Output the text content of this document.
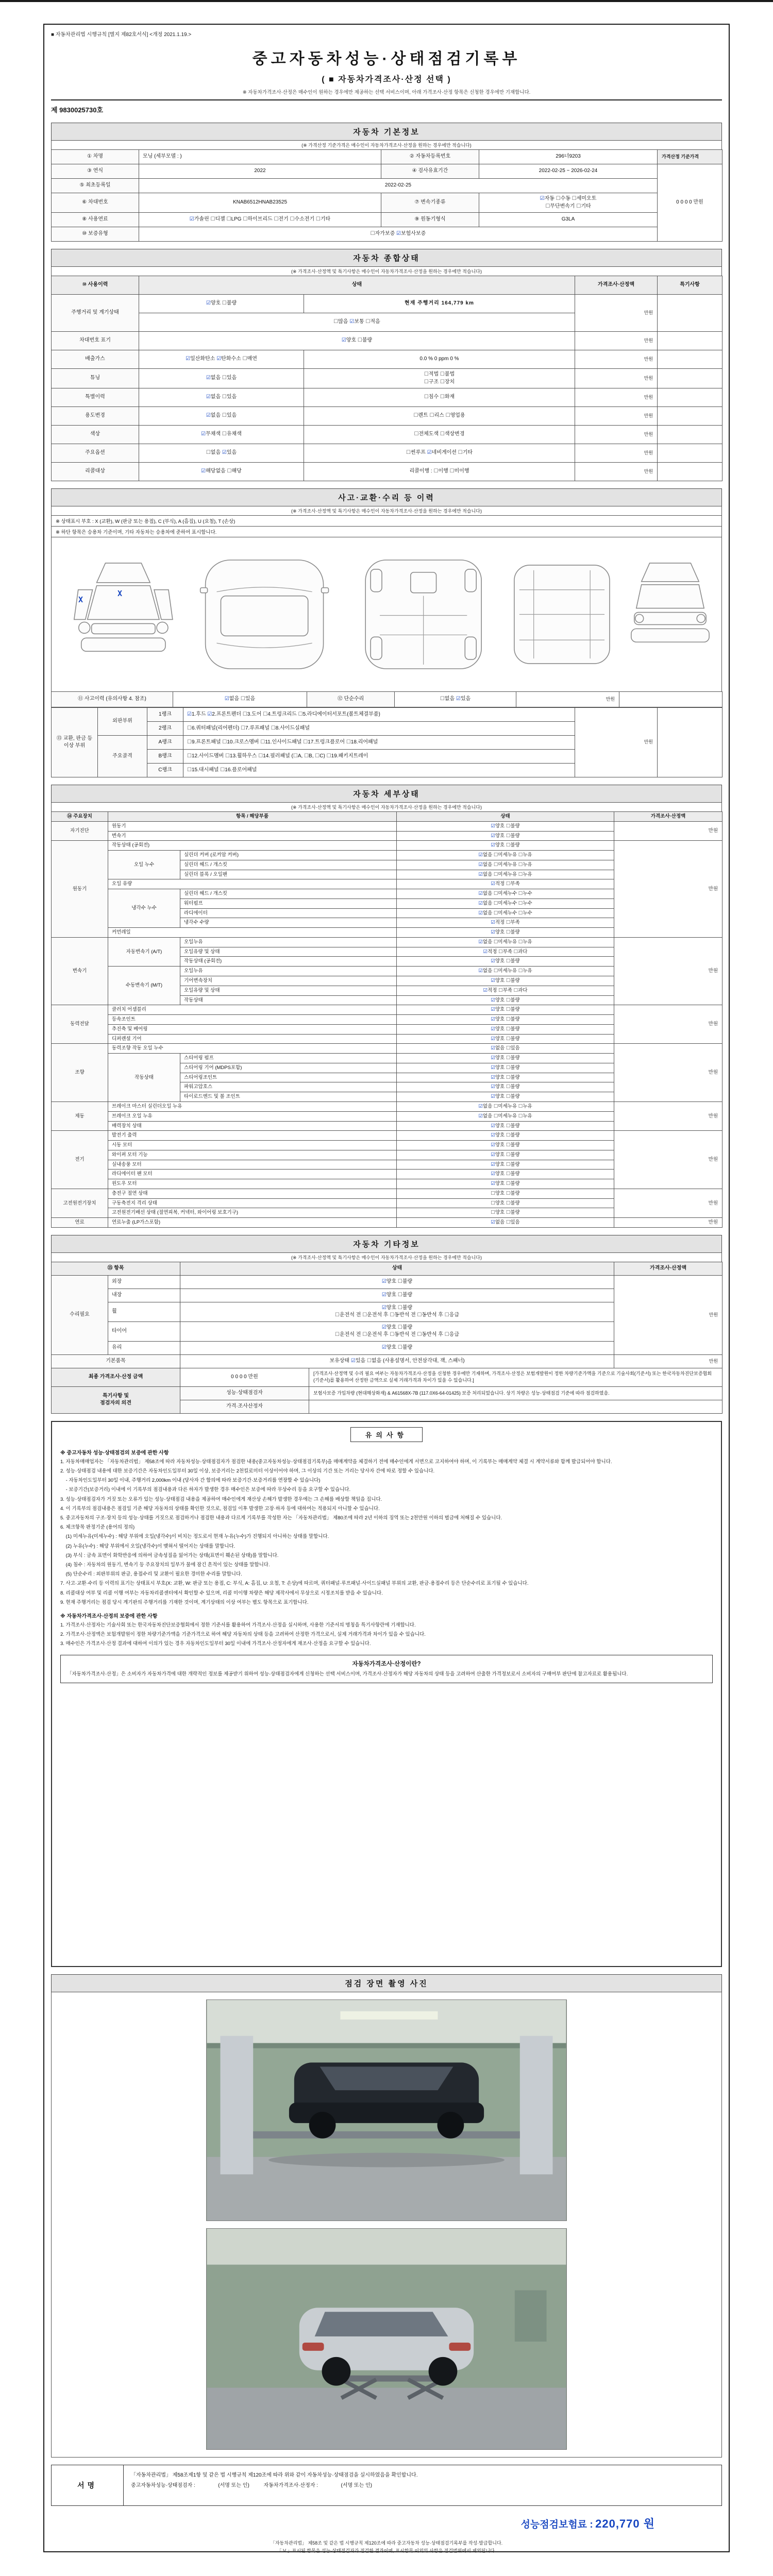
■ 자동차관리법 시행규칙 [별지 제82호서식] <개정 2021.1.19.>
중고자동차성능·상태점검기록부
( ■ 자동차가격조사·산정 선택 )
※ 자동차가격조사·산정은 매수인이 원하는 경우에만 제공하는 선택 서비스이며, 아래 가격조사·산정 항목은 신청한 경우에만 기재합니다.
제 9830025730호
자동차 기본정보
(※ 가격산정 기준가격은 매수인이 자동차가격조사·산정을 원하는 경우에만 적습니다)
① 차명	모닝 (세부모델 : )	② 자동차등록번호	296너9203	가격산정 기준가격
③ 연식	2022	④ 검사유효기간	2022-02-25 ~ 2026-02-24	0 0 0 0 만원
⑤ 최초등록일	2022-02-25			
⑥ 차대번호	KNAB6512HNAB23525	⑦ 변속기종류	☑자동 ☐수동 ☐세미오토
☐무단변속기 ☐기타	
⑧ 사용연료	☑가솔린 ☐디젤 ☐LPG ☐하이브리드 ☐전기 ☐수소전기 ☐기타	⑨ 원동기형식	G3LA	
⑩ 보증유형	☐자가보증 ☑보험사보증			
자동차 종합상태
(※ 가격조사·산정액 및 특기사항은 매수인이 자동차가격조사·산정을 원하는 경우에만 적습니다)
⑩ 사용이력	상태		가격조사·산정액	특기사항
주행거리 및 계기상태	☑양호 ☐불량	현재 주행거리 164,779 km	만원	
	☐많음 ☑보통 ☐적음			
차대번호 표기	☑양호 ☐불량		만원	
배출가스	☑일산화탄소 ☑탄화수소 ☐매연	0.0 % 0 ppm 0 %	만원	
튜닝	☑없음 ☐있음	☐적법 ☐불법
☐구조 ☐장치	만원	
특별이력	☑없음 ☐있음	☐침수 ☐화재	만원	
용도변경	☑없음 ☐있음	☐렌트 ☐리스 ☐영업용	만원	
색상	☑무채색 ☐유채색	☐전체도색 ☐색상변경	만원	
주요옵션	☐없음 ☑있음	☐썬루프 ☑네비게이션 ☐기타	만원	
리콜대상	☑해당없음 ☐해당	리콜이행 : ☐이행 ☐미이행	만원	
사고·교환·수리 등 이력
(※ 가격조사·산정액 및 특기사항은 매수인이 자동차가격조사·산정을 원하는 경우에만 적습니다)
※ 상태표시 부호 : X (교환), W (판금 또는 용접), C (부식), A (흠집), U (요철), T (손상)
※ 하단 항목은 승용차 기준이며, 기타 자동차는 승용차에 준하여 표시합니다.
X
X
⑪ 사고이력 (유의사항 4. 참조)	☑없음 ☐있음	⑫ 단순수리	☐없음 ☑있음	만원	
⑬ 교환, 판금 등 이상 부위	외판부위	1랭크	☑1.후드 ☑2.프론트펜더 ☐3.도어 ☐4.트렁크리드 ☐5.라디에이터서포트(볼트체결부품)	만원	
		2랭크	☐6.쿼터패널(리어펜더) ☐7.루프패널 ☐8.사이드실패널		
	주요골격	A랭크	☐9.프론트패널 ☐10.크로스멤버 ☐11.인사이드패널 ☐17.트렁크플로어 ☐18.리어패널		
		B랭크	☐12.사이드멤버 ☐13.휠하우스 ☐14.필러패널 (☐A, ☐B, ☐C) ☐19.패키지트레이		
		C랭크	☐15.대시패널 ☐16.플로어패널		
자동차 세부상태
(※ 가격조사·산정액 및 특기사항은 매수인이 자동차가격조사·산정을 원하는 경우에만 적습니다)
⑭ 주요장치	항목 / 해당부품		상태	가격조사·산정액
자기진단	원동기		☑양호 ☐불량	만원
	변속기		☑양호 ☐불량	
원동기	작동상태 (공회전)		☑양호 ☐불량	만원
	오일 누수	실린더 커버 (로커암 커버)	☑없음 ☐미세누유 ☐누유	
		실린더 헤드 / 개스킷	☑없음 ☐미세누유 ☐누유	
		실린더 블록 / 오일팬	☑없음 ☐미세누유 ☐누유	
	오일 유량		☑적정 ☐부족	
	냉각수 누수	실린더 헤드 / 개스킷	☑없음 ☐미세누수 ☐누수	
		워터펌프	☑없음 ☐미세누수 ☐누수	
		라디에이터	☑없음 ☐미세누수 ☐누수	
		냉각수 수량	☑적정 ☐부족	
	커먼레일		☑양호 ☐불량	
변속기	자동변속기 (A/T)	오일누유	☑없음 ☐미세누유 ☐누유	만원
		오일유량 및 상태	☑적정 ☐부족 ☐과다	
		작동상태 (공회전)	☑양호 ☐불량	
	수동변속기 (M/T)	오일누유	☑없음 ☐미세누유 ☐누유	
		기어변속장치	☑양호 ☐불량	
		오일유량 및 상태	☑적정 ☐부족 ☐과다	
		작동상태	☑양호 ☐불량	
동력전달	클러치 어셈블리		☑양호 ☐불량	만원
	등속조인트		☑양호 ☐불량	
	추진축 및 베어링		☑양호 ☐불량	
	디퍼렌셜 기어		☑양호 ☐불량	
조향	동력조향 작동 오일 누수		☑없음 ☐있음	만원
	작동상태	스티어링 펌프	☑양호 ☐불량	
		스티어링 기어 (MDPS포함)	☑양호 ☐불량	
		스티어링조인트	☑양호 ☐불량	
		파워고압호스	☑양호 ☐불량	
		타이로드엔드 및 볼 조인트	☑양호 ☐불량	
제동	브레이크 마스터 실린더오일 누유		☑없음 ☐미세누유 ☐누유	만원
	브레이크 오일 누유		☑없음 ☐미세누유 ☐누유	
	배력장치 상태		☑양호 ☐불량	
전기	발전기 출력		☑양호 ☐불량	만원
	시동 모터		☑양호 ☐불량	
	와이퍼 모터 기능		☑양호 ☐불량	
	실내송풍 모터		☑양호 ☐불량	
	라디에이터 팬 모터		☑양호 ☐불량	
	윈도우 모터		☑양호 ☐불량	
고전원전기장치	충전구 절연 상태		☐양호 ☐불량	만원
	구동축전지 격리 상태		☐양호 ☐불량	
	고전원전기배선 상태 (절연피복, 커넥터, 와이어링 보호기구)		☐양호 ☐불량	
연료	연료누출 (LP가스포함)		☑없음 ☐있음	만원
자동차 기타정보
(※ 가격조사·산정액 및 특기사항은 매수인이 자동차가격조사·산정을 원하는 경우에만 적습니다)
⑮ 항목		상태	가격조사·산정액
수리필요	외장	☑양호 ☐불량	만원
	내장	☑양호 ☐불량	
	휠	☑양호 ☐불량
☐운전석 전 ☐운전석 후 ☐동반석 전 ☐동반석 후 ☐응급	
	타이어	☑양호 ☐불량
☐운전석 전 ☐운전석 후 ☐동반석 전 ☐동반석 후 ☐응급	
	유리	☑양호 ☐불량	
기본품목		보유상태 ☑있음 ☐없음 (사용설명서, 안전삼각대, 잭, 스패너)	만원
최종 가격조사·산정 금액	0 0 0 0 만원	[가격조사·산정액 및 수리 필요 여부는 자동차가격조사·산정을 신청한 경우에만 기재하며, 가격조사·산정은 보험개발원이 정한 차량기준가액을 기준으로 기술사회(기준서) 또는 한국자동차진단보증협회(기준서)를 활용하여 산정한 금액으로 실제 거래가격과 차이가 있을 수 있습니다.]
특기사항 및
점검자의 의견	성능·상태점검자	보험사보증 가입차량 (현대해상화재) & A61568X-7B (117.0X6-64-01425) 보증 처리되었습니다. 상기 차량은 성능·상태점검 기준에 따라 점검하였음.
	가격·조사산정자	
유의사항
※ 중고자동차 성능·상태점검의 보증에 관한 사항
1. 자동차매매업자는 「자동차관리법」 제58조에 따라 자동차성능·상태점검자가 점검한 내용(중고자동차성능·상태점검기록부)을 매매계약을 체결하기 전에 매수인에게 서면으로 고지하여야 하며, 이 기록부는 매매계약 체결 시 계약서류와 함께 발급되어야 합니다.
2. 성능·상태점검 내용에 대한 보증기간은 자동차인도일부터 30일 이상, 보증거리는 2천킬로미터 이상이어야 하며, 그 이상의 기간 또는 거리는 당사자 간에 따로 정할 수 있습니다.
- 자동차인도일부터 30일 이내, 주행거리 2,000km 이내 (당사자 간 합의에 따라 보증기간·보증거리를 연장할 수 있습니다)
- 보증기간(보증거리) 이내에 이 기록부의 점검내용과 다른 하자가 발생한 경우 매수인은 보증에 따라 무상수리 등을 요구할 수 있습니다.
3. 성능·상태점검자가 거짓 또는 오류가 있는 성능·상태점검 내용을 제공하여 매수인에게 재산상 손해가 발생한 경우에는 그 손해를 배상할 책임을 집니다.
4. 이 기록부의 점검내용은 점검일 기준 해당 자동차의 상태를 확인한 것으로, 점검일 이후 발생한 고장·하자 등에 대하여는 적용되지 아니할 수 있습니다.
5. 중고자동차의 구조·장치 등의 성능·상태를 거짓으로 점검하거나 점검한 내용과 다르게 기록부를 작성한 자는 「자동차관리법」 제80조에 따라 2년 이하의 징역 또는 2천만원 이하의 벌금에 처해질 수 있습니다.
6. 체크항목 판정기준 (용어의 정의)
(1) 미세누유(미세누수) : 해당 부위에 오일(냉각수)이 비치는 정도로서 현재 누유(누수)가 진행되지 아니하는 상태를 말합니다.
(2) 누유(누수) : 해당 부위에서 오일(냉각수)이 맺혀서 떨어지는 상태를 말합니다.
(3) 부식 : 금속 표면이 화학반응에 의하여 금속성질을 잃어가는 상태(표면이 훼손된 상태)를 말합니다.
(4) 침수 : 자동차의 원동기, 변속기 등 주요장치의 일부가 물에 잠긴 흔적이 있는 상태를 말합니다.
(5) 단순수리 : 외판부위의 판금, 용접수리 및 교환이 필요한 경미한 수리를 말합니다.
7. 사고·교환·수리 등 이력의 표기는 상태표시 부호(X: 교환, W: 판금 또는 용접, C: 부식, A: 흠집, U: 요철, T: 손상)에 따르며, 쿼터패널·루프패널·사이드실패널 부위의 교환, 판금·용접수리 등은 단순수리로 표기될 수 있습니다.
8. 리콜대상 여부 및 리콜 이행 여부는 자동차리콜센터에서 확인할 수 있으며, 리콜 미이행 차량은 해당 제작사에서 무상으로 시정조치를 받을 수 있습니다.
9. 현재 주행거리는 점검 당시 계기판의 주행거리를 기재한 것이며, 계기상태의 이상 여부는 별도 항목으로 표기합니다.
※ 자동차가격조사·산정의 보증에 관한 사항
1. 가격조사·산정자는 기술사회 또는 한국자동차진단보증협회에서 정한 기준서를 활용하여 가격조사·산정을 실시하며, 사용한 기준서의 명칭을 특기사항란에 기재합니다.
2. 가격조사·산정액은 보험개발원이 정한 차량기준가액을 기준가격으로 하여 해당 자동차의 상태 등을 고려하여 산정한 가격으로서, 실제 거래가격과 차이가 있을 수 있습니다.
3. 매수인은 가격조사·산정 결과에 대하여 이의가 있는 경우 자동차인도일부터 30일 이내에 가격조사·산정자에게 재조사·산정을 요구할 수 있습니다.
자동차가격조사·산정이란?
「자동차가격조사·산정」은 소비자가 자동차가격에 대한 개략적인 정보를 제공받기 위하여 성능·상태점검자에게 신청하는 선택 서비스이며, 가격조사·산정자가 해당 자동차의 상태 등을 고려하여 산출한 가격정보로서 소비자의 구매여부 판단에 참고자료로 활용됩니다.
점검 장면 촬영 사진
서명
「자동차관리법」 제58조제1항 및 같은 법 시행규칙 제120조에 따라 위와 같이 자동차성능·상태점검을 실시하였음을 확인합니다.
중고자동차성능·상태점검자 :                (서명 또는 인)          자동차가격조사·산정자 :                (서명 또는 인)
성능점검보험료 : 220,770 원
「자동차관리법」 제58조 및 같은 법 시행규칙 제120조에 따라 중고자동차 성능·상태점검기록부를 작성·발급합니다.
「 V 」표시된 항목은 성능·상태점검자가 점검한 결과이며, 표시항목 이외의 사항은 점검범위에서 제외됩니다.
